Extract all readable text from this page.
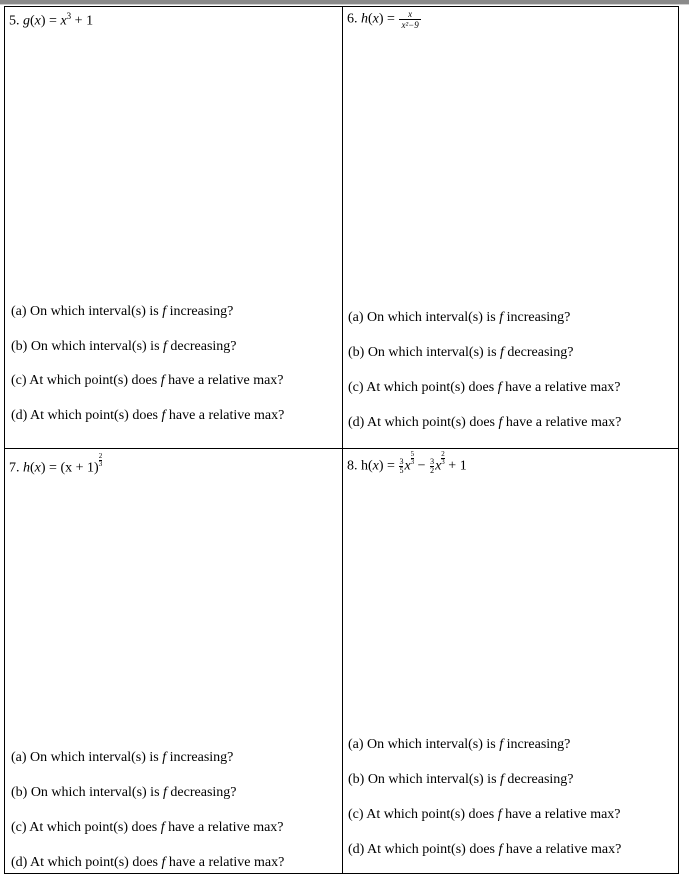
5. $g(x) = x^3 + 1$
(a) On which interval(s) is f increasing?
(b) On which interval(s) is f decreasing?
(c) At which point(s) does f have a relative max?
(d) At which point(s) does f have a relative max?
6. $h(x) = \frac{x}{\text{x²−9}}$
(a) On which interval(s) is f increasing?
(b) On which interval(s) is f decreasing?
(c) At which point(s) does f have a relative max?
(d) At which point(s) does f have a relative max?
7. h(x) = (x + 1)
$\frac{2}{3}$
(a) On which interval(s) is f increasing?
(b) On which interval(s) is f decreasing?
(c) At which point(s) does f have a relative max?
(d) At which point(s) does f have a relative max?
8. $h(x) = \frac{3}{5}$ x
$\frac{5}{3}$
− $\frac{3}{2}$ x
$\frac{2}{3}$
+ 1
(a) On which interval(s) is f increasing?
(b) On which interval(s) is f decreasing?
(c) At which point(s) does f have a relative max?
(d) At which point(s) does f have a relative max?
